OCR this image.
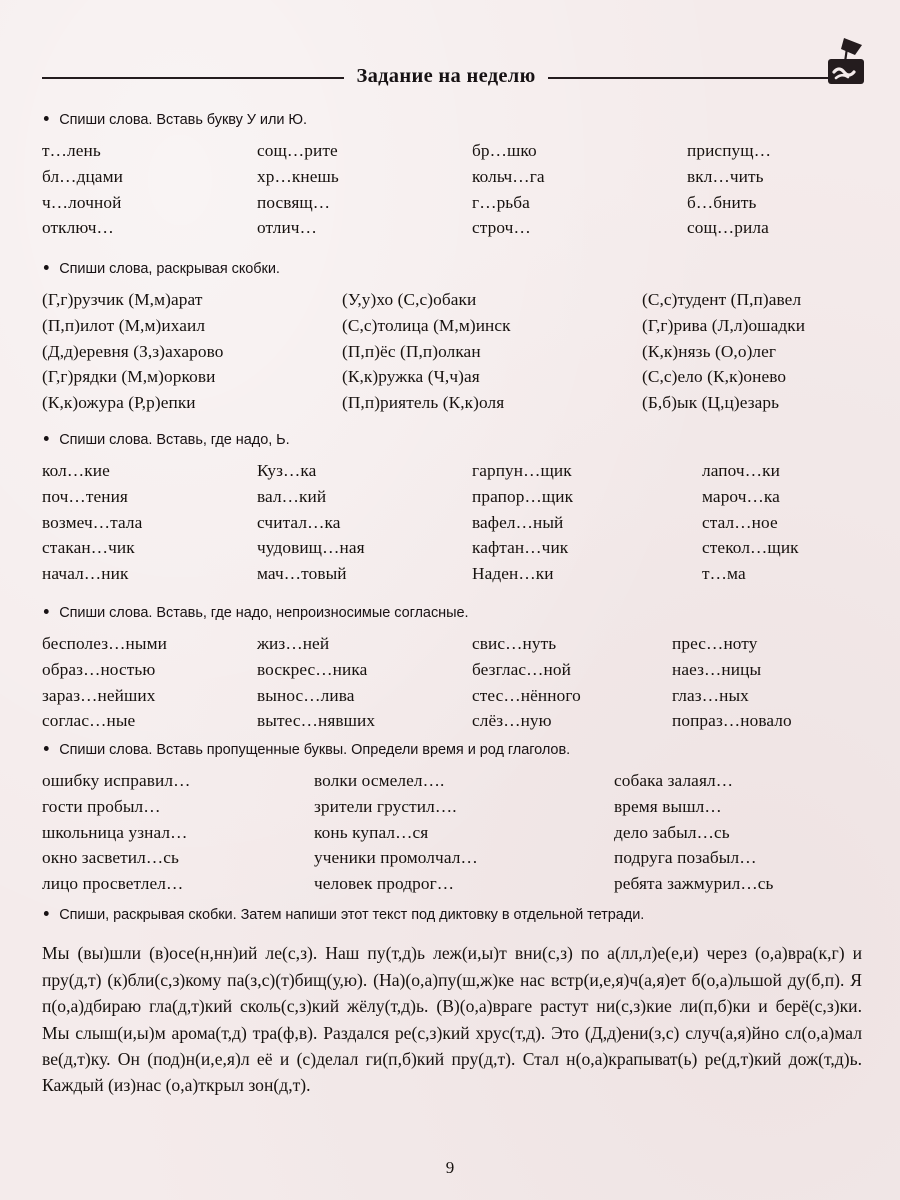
Задание на неделю

Спиши слова. Вставь букву У или Ю.

т…лень	сощ…рите	бр…шко	приспущ…
бл…дцами	хр…кнешь	кольч…га	вкл…чить
ч…лочной	посвящ…	г…рьба	б…бнить
отключ…	отлич…	строч…	сощ…рила

Спиши слова, раскрывая скобки.

(Г,г)рузчик (М,м)арат	(У,у)хо (С,с)обаки	(С,с)тудент (П,п)авел
(П,п)илот (М,м)ихаил	(С,с)толица (М,м)инск	(Г,г)рива (Л,л)ошадки
(Д,д)еревня (З,з)ахарово	(П,п)ёс (П,п)олкан	(К,к)нязь (О,о)лег
(Г,г)рядки (М,м)оркови	(К,к)ружка (Ч,ч)ая	(С,с)ело (К,к)онево
(К,к)ожура (Р,р)епки	(П,п)риятель (К,к)оля	(Б,б)ык (Ц,ц)езарь

Спиши слова. Вставь, где надо, Ь.

кол…кие	Куз…ка	гарпун…щик	лапоч…ки
поч…тения	вал…кий	прапор…щик	мароч…ка
возмеч…тала	считал…ка	вафел…ный	стал…ное
стакан…чик	чудовищ…ная	кафтан…чик	стекол…щик
начал…ник	мач…товый	Наден…ки	т…ма

Спиши слова. Вставь, где надо, непроизносимые согласные.

бесполез…ными	жиз…ней	свис…нуть	прес…ноту
образ…ностью	воскрес…ника	безглас…ной	наез…ницы
зараз…нейших	вынос…лива	стес…нённого	глаз…ных
соглас…ные	вытес…нявших	слёз…ную	попраз…новало

Спиши слова. Вставь пропущенные буквы. Определи время и род глаголов.

ошибку исправил…	волки осмелел….	собака залаял…
гости пробыл…	зрители грустил….	время вышл…
школьница узнал…	конь купал…ся	дело забыл…сь
окно засветил…сь	ученики промолчал…	подруга позабыл…
лицо просветлел…	человек продрог…	ребята зажмурил…сь

Спиши, раскрывая скобки. Затем напиши этот текст под диктовку в отдельной тетради.

Мы (вы)шли (в)осе(н,нн)ий ле(с,з). Наш пу(т,д)ь леж(и,ы)т вни(с,з) по а(лл,л)е(е,и) через (о,а)вра(к,г) и пру(д,т) (к)бли(с,з)кому па(з,с)(т)бищ(у,ю). (На)(о,а)пу(ш,ж)ке нас встр(и,е,я)ч(а,я)ет б(о,а)льшой ду(б,п). Я п(о,а)дбираю гла(д,т)кий сколь(с,з)кий жёлу(т,д)ь. (В)(о,а)враге растут ни(с,з)кие ли(п,б)ки и берё(с,з)ки. Мы слыш(и,ы)м арома(т,д) тра(ф,в). Раздался ре(с,з)кий хрус(т,д). Это (Д,д)ени(з,с) случ(а,я)йно сл(о,а)мал ве(д,т)ку. Он (под)н(и,е,я)л её и (с)делал ги(п,б)кий пру(д,т). Стал н(о,а)крапыват(ь) ре(д,т)кий дож(т,д)ь. Каждый (из)нас (о,а)ткрыл зон(д,т).

9
